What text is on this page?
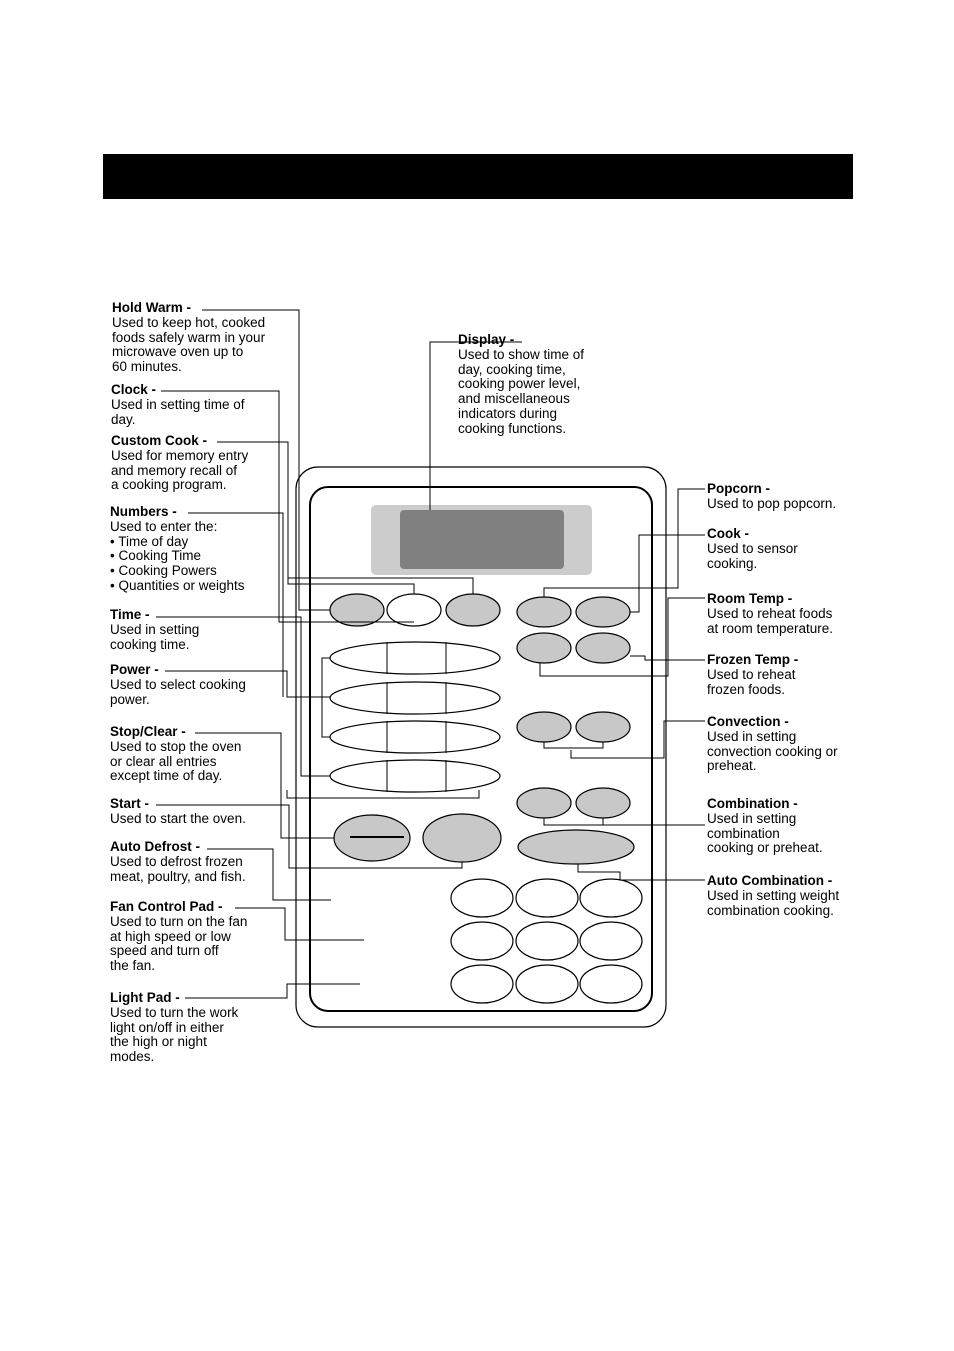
Hold Warm -
Used to keep hot, cooked
foods safely warm in your
microwave oven up to
60 minutes.
Clock -
Used in setting time of
day.
Custom Cook -
Used for memory entry
and memory recall of
a cooking program.
Numbers -
Used to enter the:
• Time of day
• Cooking Time
• Cooking Powers
• Quantities or weights
Time -
Used in setting
cooking time.
Power -
Used to select cooking
power.
Stop/Clear -
Used to stop the oven
or clear all entries
except time of day.
Start -
Used to start the oven.
Auto Defrost -
Used to defrost frozen
meat, poultry, and fish.
Fan Control Pad -
Used to turn on the fan
at high speed or low
speed and turn off
the fan.
Light Pad -
Used to turn the work
light on/off in either
the high or night
modes.
Display -
Used to show time of
day, cooking time,
cooking power level,
and miscellaneous
indicators during
cooking functions.
Popcorn -
Used to pop popcorn.
Cook -
Used to sensor
cooking.
Room Temp -
Used to reheat foods
at room temperature.
Frozen Temp -
Used to reheat
frozen foods.
Convection -
Used in setting
convection cooking or
preheat.
Combination -
Used in setting
combination
cooking or preheat.
Auto Combination -
Used in setting weight
combination cooking.
